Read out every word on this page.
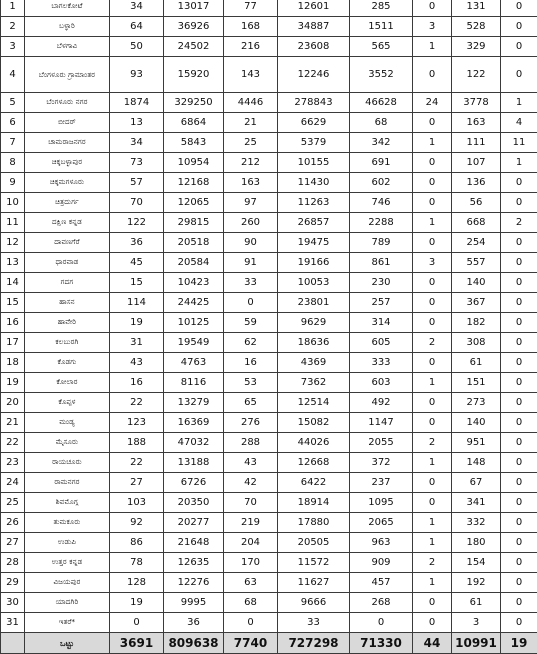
1	ಬಾಗಲಕೋಟೆ	34	13017	77	12601	285	0	131	0
2	ಬಳ್ಳಾರಿ	64	36926	168	34887	1511	3	528	0
3	ಬೆಳಗಾವಿ	50	24502	216	23608	565	1	329	0
4	ಬೆಂಗಳೂರು ಗ್ರಾಮಾಂತರ	93	15920	143	12246	3552	0	122	0
5	ಬೆಂಗಳೂರು ನಗರ	1874	329250	4446	278843	46628	24	3778	1
6	ಬೀದರ್	13	6864	21	6629	68	0	163	4
7	ಚಾಮರಾಜನಗರ	34	5843	25	5379	342	1	111	11
8	ಚಿಕ್ಕಬಳ್ಳಾಪುರ	73	10954	212	10155	691	0	107	1
9	ಚಿಕ್ಕಮಗಳೂರು	57	12168	163	11430	602	0	136	0
10	ಚಿತ್ರದುರ್ಗ	70	12065	97	11263	746	0	56	0
11	ದಕ್ಷಿಣ ಕನ್ನಡ	122	29815	260	26857	2288	1	668	2
12	ದಾವಣಗೆರೆ	36	20518	90	19475	789	0	254	0
13	ಧಾರವಾಡ	45	20584	91	19166	861	3	557	0
14	ಗದಗ	15	10423	33	10053	230	0	140	0
15	ಹಾಸನ	114	24425	0	23801	257	0	367	0
16	ಹಾವೇರಿ	19	10125	59	9629	314	0	182	0
17	ಕಲಬುರಗಿ	31	19549	62	18636	605	2	308	0
18	ಕೊಡಗು	43	4763	16	4369	333	0	61	0
19	ಕೋಲಾರ	16	8116	53	7362	603	1	151	0
20	ಕೊಪ್ಪಳ	22	13279	65	12514	492	0	273	0
21	ಮಂಡ್ಯ	123	16369	276	15082	1147	0	140	0
22	ಮೈಸೂರು	188	47032	288	44026	2055	2	951	0
23	ರಾಯಚೂರು	22	13188	43	12668	372	1	148	0
24	ರಾಮನಗರ	27	6726	42	6422	237	0	67	0
25	ಶಿವಮೊಗ್ಗ	103	20350	70	18914	1095	0	341	0
26	ತುಮಕೂರು	92	20277	219	17880	2065	1	332	0
27	ಉಡುಪಿ	86	21648	204	20505	963	1	180	0
28	ಉತ್ತರ ಕನ್ನಡ	78	12635	170	11572	909	2	154	0
29	ವಿಜಯಪುರ	128	12276	63	11627	457	1	192	0
30	ಯಾದಗಿರಿ	19	9995	68	9666	268	0	61	0
31	ಇತರೆ*	0	36	0	33	0	0	3	0
	ಒಟ್ಟು	3691	809638	7740	727298	71330	44	10991	19
